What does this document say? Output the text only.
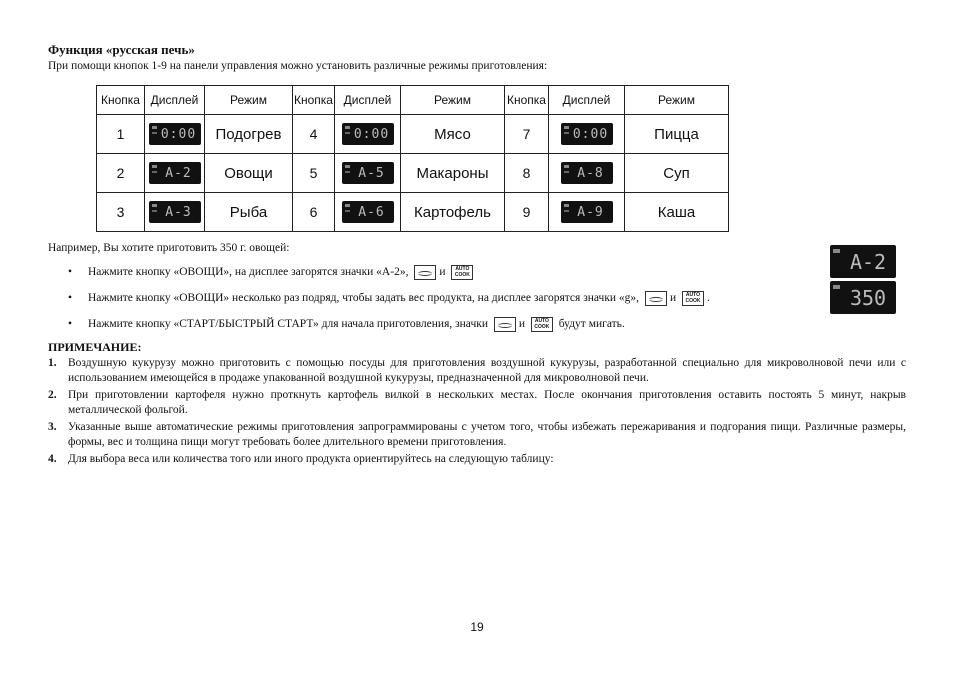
Функция «русская печь»
При помощи кнопок 1-9 на панели управления можно установить различные режимы приготовления:
Кнопка	Дисплей	Режим	Кнопка	Дисплей	Режим	Кнопка	Дисплей	Режим
1	0:00	Подогрев	4	0:00	Мясо	7	0:00	Пицца
2	A-2	Овощи	5	A-5	Макароны	8	A-8	Суп
3	A-3	Рыба	6	A-6	Картофель	9	A-9	Каша
Например, Вы хотите приготовить 350 г. овощей:
• Нажмите кнопку «ОВОЩИ», на дисплее загорятся значки «А-2»,	и AUTO
COOK
• Нажмите кнопку «ОВОЩИ» несколько раз подряд, чтобы задать вес продукта, на дисплее загорятся значки «g»,	и AUTO
COOK .
• Нажмите кнопку «СТАРТ/БЫСТРЫЙ СТАРТ» для начала приготовления, значки	и AUTO
COOK будут мигать.
A-2
350
ПРИМЕЧАНИЕ:
1. Воздушную кукурузу можно приготовить с помощью посуды для приготовления воздушной кукурузы, разработанной специально для микроволновой печи или с использованием имеющейся в продаже упакованной воздушной кукурузы, предназначенной для микроволновой печи.
2. При приготовлении картофеля нужно проткнуть картофель вилкой в нескольких местах. После окончания приготовления оставить постоять 5 минут, накрыв металлической фольгой.
3. Указанные выше автоматические режимы приготовления запрограммированы с учетом того, чтобы избежать пережаривания и подгорания пищи. Различные размеры, формы, вес и толщина пищи могут требовать более длительного времени приготовления.
4. Для выбора веса или количества того или иного продукта ориентируйтесь на следующую таблицу:
19
